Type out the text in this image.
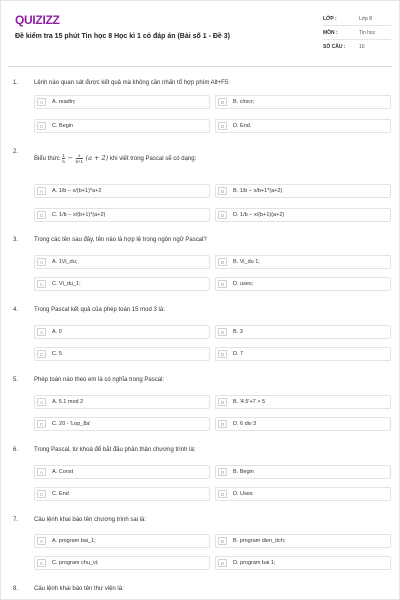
QUIZIZZ
Đề kiểm tra 15 phút Tin học 8 Học kì 1 có đáp án (Bài số 1 - Đề 3)
LỚP :	Lớp 8
MÔN :	Tin học
SỐ CÂU :	10
1.	Lệnh nào quan sát được kết quả mà không cần nhấn tổ hợp phím Alt+F5:
A	A. readln;	B	B. clrscr;
C	C. Begin	D	D. End.
2.
Biểu thức $\frac{1}{b} - \frac{x}{b+1} (a + 2)$ khi viết trong Pascal sẽ có dạng:
A	A. 1/b − x/(b+1)*a+2	B	B. 1/b − x/b+1*(a+2)
C	C. 1/b − x/(b+1)*(a+2)	D	D. 1/b − x/(b+1)(a+2)
3.	Trong các tên sau đây, tên nào là hợp lệ trong ngôn ngữ Pascal?
A	A. 1Vi_du;	B	B. Vi_du 1;
C	C. Vi_du_1;	D	D. uses;
4.	Trong Pascal kết quả của phép toán 15 mod 3 là:
A	A. 0	B	B. 3
C	C. 5	D	D. 7
5.	Phép toán nào theo em là có nghĩa trong Pascal:
A	A. 5.1 mod 2	B	B. '4.5'+7 > 5
C	C. 20 - 'Lop_8a'	D	D. 6 div 3
6.	Trong Pascal, từ khoá để bắt đầu phần thân chương trình là:
A	A. Const	B	B. Begin
C	C. End	D	D. Uses
7.	Câu lệnh khai báo tên chương trình sai là:
A	A. program bai_1;	B	B. program dien_tich;
C	C. program chu_vi;	D	D. program bai 1;
8.	Câu lệnh khai báo tên thư viện là:
